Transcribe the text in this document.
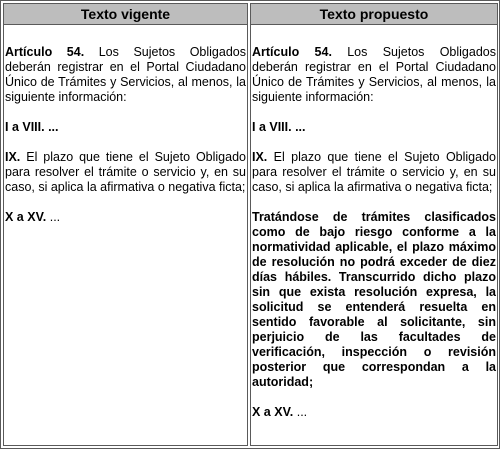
Texto vigente

Artículo 54. Los Sujetos Obligados deberán registrar en el Portal Ciudadano Único de Trámites y Servicios, al menos, la siguiente información:

I a VIII. ...

IX. El plazo que tiene el Sujeto Obligado para resolver el trámite o servicio y, en su caso, si aplica la afirmativa o negativa ficta;

X a XV. ...

Texto propuesto

Artículo 54. Los Sujetos Obligados deberán registrar en el Portal Ciudadano Único de Trámites y Servicios, al menos, la siguiente información:

I a VIII. ...

IX. El plazo que tiene el Sujeto Obligado para resolver el trámite o servicio y, en su caso, si aplica la afirmativa o negativa ficta;

Tratándose de trámites clasificados como de bajo riesgo conforme a la normatividad aplicable, el plazo máximo de resolución no podrá exceder de diez días hábiles. Transcurrido dicho plazo sin que exista resolución expresa, la solicitud se entenderá resuelta en sentido favorable al solicitante, sin perjuicio de las facultades de verificación, inspección o revisión posterior que correspondan a la autoridad;

X a XV. ...
